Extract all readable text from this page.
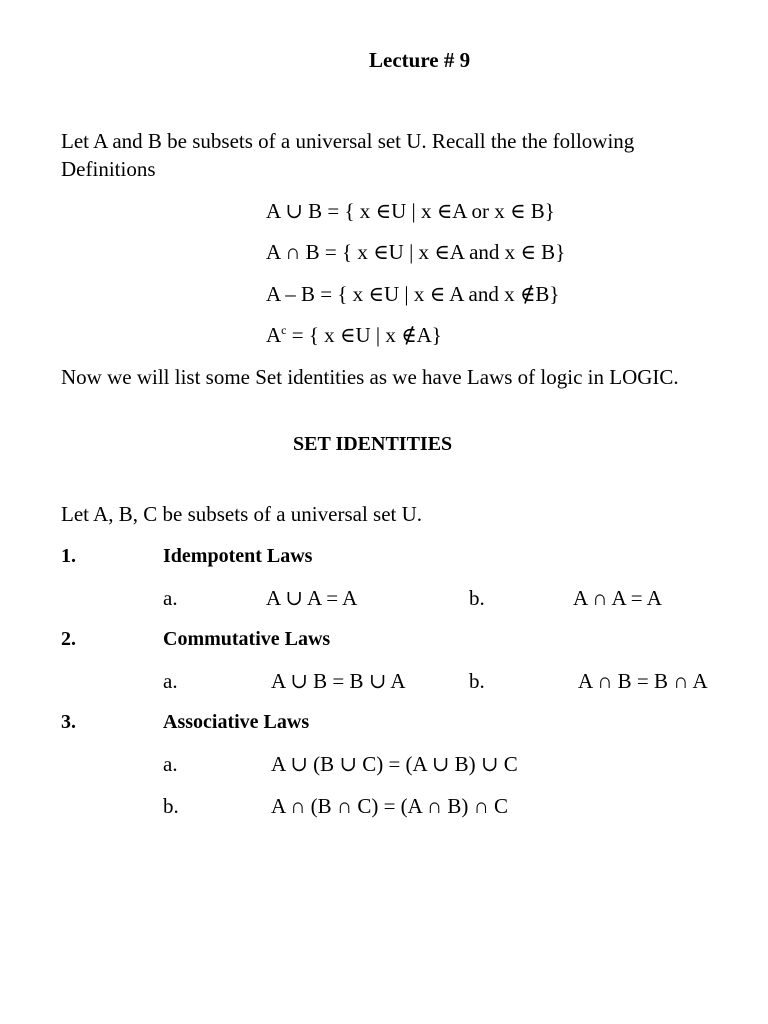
Lecture # 9
Let A and B be subsets of a universal set U. Recall the the following
Definitions
A ∪ B = { x ∈U | x ∈A or x ∈ B}
A ∩ B = { x ∈U | x ∈A and x ∈ B}
A – B = { x ∈U | x ∈ A and x ∉B}
$A^c$ = { x ∈U | x ∉A}
Now we will list some Set identities as we have Laws of logic in LOGIC.
SET IDENTITIES
Let A, B, C be subsets of a universal set U.
1.	Idempotent Laws
a.	A ∪ A = A	b.	A ∩ A = A
2.	Commutative Laws
a.	A ∪ B = B ∪ A	b.	A ∩ B = B ∩ A
3.	Associative Laws
a.	A ∪ (B ∪ C) = (A ∪ B) ∪ C
b.	A ∩ (B ∩ C) = (A ∩ B) ∩ C
